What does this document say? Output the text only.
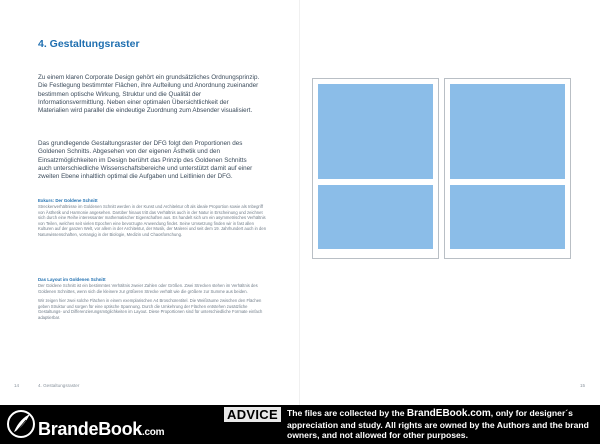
4. Gestaltungsraster

Zu einem klaren Corporate Design gehört ein grundsätzliches Ordnungsprinzip. Die Festlegung bestimmter Flächen, ihre Aufteilung und Anordnung zueinander bestimmen optische Wirkung, Struktur und die Qualität der Informationsvermittlung. Neben einer optimalen Übersichtlichkeit der Materialien wird parallel die eindeutige Zuordnung zum Absender visualisiert.

Das grundlegende Gestaltungsraster der DFG folgt den Proportionen des Goldenen Schnitts. Abgesehen von der eigenen Ästhetik und den Einsatzmöglichkeiten im Design berührt das Prinzip des Goldenen Schnitts auch unterschiedliche Wissenschaftsbereiche und unterstützt damit auf einer zweiten Ebene inhaltlich optimal die Aufgaben und Leitlinien der DFG.

Exkurs: Der Goldene Schnitt

Streckenverhältnisse im Goldenen Schnitt werden in der Kunst und Architektur oft als ideale Proportion sowie als Inbegriff von Ästhetik und Harmonie angesehen. Darüber hinaus tritt das Verhältnis auch in der Natur in Erscheinung und zeichnet sich durch eine Reihe interessanter mathematischer Eigenschaften aus. Es handelt sich um ein asymmetrisches Verhältnis von Teilen, welches seit vielen Epochen eine bevorzugte Anwendung findet. Seine Umsetzung finden wir in fast allen Kulturen auf der ganzen Welt, vor allem in der Architektur, der Musik, der Malerei und seit dem 19. Jahrhundert auch in den Naturwissenschaften, vorrangig in der Biologie, Medizin und Chaosforschung.

Das Layout im Goldenen Schnitt

Der Goldene Schnitt ist ein bestimmtes Verhältnis zweier Zahlen oder Größen. Zwei Strecken stehen im Verhältnis des Goldenen Schnittes, wenn sich die kleinere zur größeren Strecke verhält wie die größere zur Summe aus beiden.

Wir zeigen hier zwei solche Flächen in einem exemplarischen A4 Broschürentitel. Die Weißräume zwischen den Flächen geben Struktur und sorgen für eine optische Spannung. Durch die Umkehrung der Flächen entstehen zusätzliche Gestaltungs- und Differenzierungsmöglichkeiten im Layout. Diese Proportionen sind für unterschiedliche Formate einfach adaptierbar.

14	4. Gestaltungsraster	15
BrandeBook.com
ADVICE	The files are collected by the BrandEBook.com, only for designer´s appreciation and study. All rights are owned by the Authors and the brand owners, and not allowed for other purposes.
